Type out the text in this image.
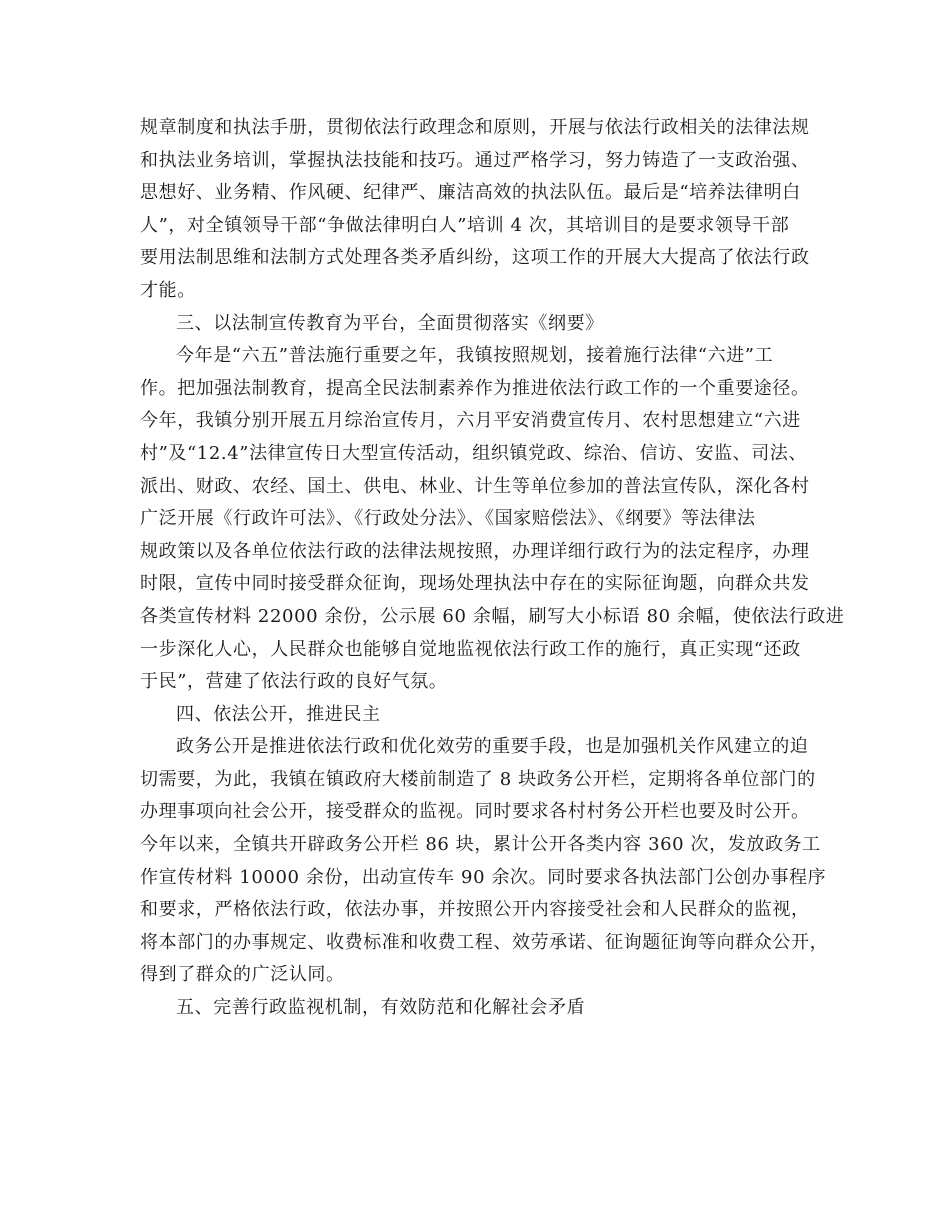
规章制度和执法手册，贯彻依法行政理念和原则，开展与依法行政相关的法律法规
和执法业务培训，掌握执法技能和技巧。通过严格学习，努力铸造了一支政治强、
思想好、业务精、作风硬、纪律严、廉洁高效的执法队伍。最后是“培养法律明白
人”，对全镇领导干部“争做法律明白人”培训 4 次，其培训目的是要求领导干部
要用法制思维和法制方式处理各类矛盾纠纷，这项工作的开展大大提高了依法行政
才能。
三、以法制宣传教育为平台，全面贯彻落实《纲要》
今年是“六五”普法施行重要之年，我镇按照规划，接着施行法律“六进”工
作。把加强法制教育，提高全民法制素养作为推进依法行政工作的一个重要途径。
今年，我镇分别开展五月综治宣传月，六月平安消费宣传月、农村思想建立“六进
村”及“12.4”法律宣传日大型宣传活动，组织镇党政、综治、信访、安监、司法、
派出、财政、农经、国土、供电、林业、计生等单位参加的普法宣传队，深化各村
广泛开展《行政许可法》、《行政处分法》、《国家赔偿法》、《纲要》等法律法
规政策以及各单位依法行政的法律法规按照，办理详细行政行为的法定程序，办理
时限，宣传中同时接受群众征询，现场处理执法中存在的实际征询题，向群众共发
各类宣传材料 22000 余份，公示展 60 余幅，刷写大小标语 80 余幅，使依法行政进
一步深化人心，人民群众也能够自觉地监视依法行政工作的施行，真正实现“还政
于民”，营建了依法行政的良好气氛。
四、依法公开，推进民主
政务公开是推进依法行政和优化效劳的重要手段，也是加强机关作风建立的迫
切需要，为此，我镇在镇政府大楼前制造了 8 块政务公开栏，定期将各单位部门的
办理事项向社会公开，接受群众的监视。同时要求各村村务公开栏也要及时公开。
今年以来，全镇共开辟政务公开栏 86 块，累计公开各类内容 360 次，发放政务工
作宣传材料 10000 余份，出动宣传车 90 余次。同时要求各执法部门公创办事程序
和要求，严格依法行政，依法办事，并按照公开内容接受社会和人民群众的监视，
将本部门的办事规定、收费标准和收费工程、效劳承诺、征询题征询等向群众公开，
得到了群众的广泛认同。
五、完善行政监视机制，有效防范和化解社会矛盾
